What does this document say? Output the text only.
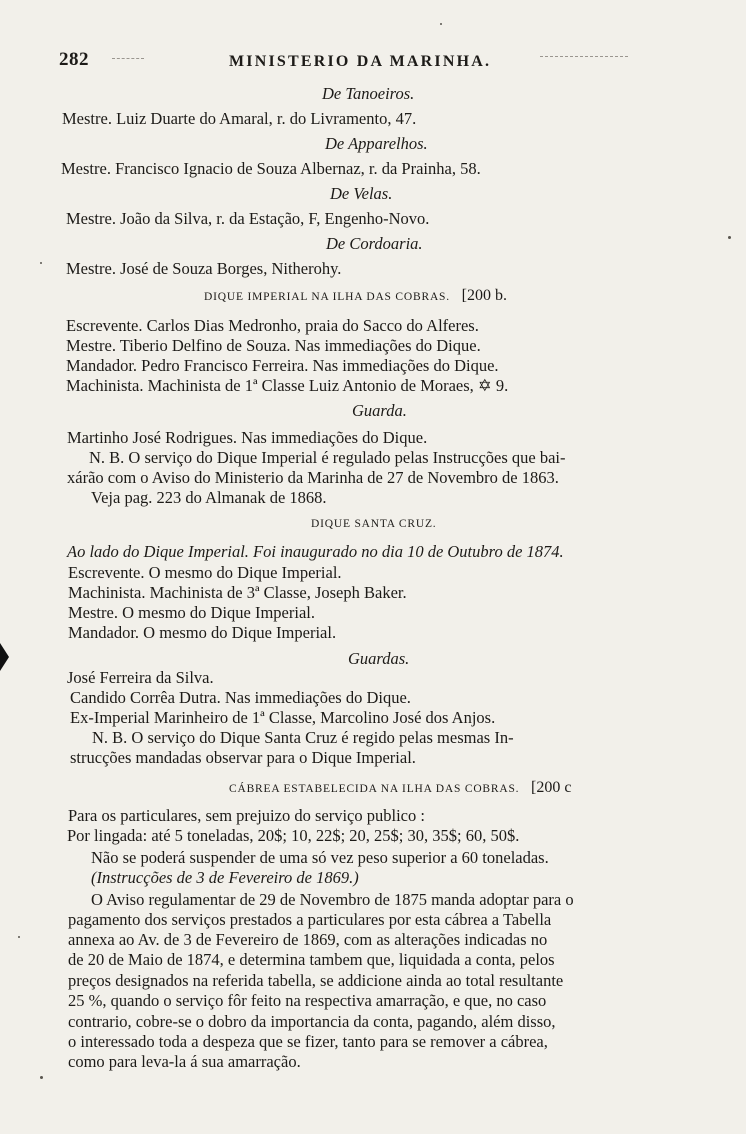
282	MINISTERIO DA MARINHA.
De Tanoeiros.
Mestre. Luiz Duarte do Amaral, r. do Livramento, 47.
De Apparelhos.
Mestre. Francisco Ignacio de Souza Albernaz, r. da Prainha, 58.
De Velas.
Mestre. João da Silva, r. da Estação, F, Engenho-Novo.
De Cordoaria.
Mestre. José de Souza Borges, Nitherohy.
DIQUE IMPERIAL NA ILHA DAS COBRAS. [200 b.
Escrevente. Carlos Dias Medronho, praia do Sacco do Alferes.
Mestre. Tiberio Delfino de Souza. Nas immediações do Dique.
Mandador. Pedro Francisco Ferreira. Nas immediações do Dique.
Machinista. Machinista de 1ª Classe Luiz Antonio de Moraes, ✡ 9.
Guarda.
Martinho José Rodrigues. Nas immediações do Dique.
N. B. O serviço do Dique Imperial é regulado pelas Instrucções que bai-
xárão com o Aviso do Ministerio da Marinha de 27 de Novembro de 1863.
Veja pag. 223 do Almanak de 1868.
DIQUE SANTA CRUZ.
Ao lado do Dique Imperial. Foi inaugurado no dia 10 de Outubro de 1874.
Escrevente. O mesmo do Dique Imperial.
Machinista. Machinista de 3ª Classe, Joseph Baker.
Mestre. O mesmo do Dique Imperial.
Mandador. O mesmo do Dique Imperial.
Guardas.
José Ferreira da Silva.
Candido Corrêa Dutra. Nas immediações do Dique.
Ex-Imperial Marinheiro de 1ª Classe, Marcolino José dos Anjos.
N. B. O serviço do Dique Santa Cruz é regido pelas mesmas In-
strucções mandadas observar para o Dique Imperial.
CÁBREA ESTABELECIDA NA ILHA DAS COBRAS. [200 c
Para os particulares, sem prejuizo do serviço publico :
Por lingada: até 5 toneladas, 20$; 10, 22$; 20, 25$; 30, 35$; 60, 50$.
Não se poderá suspender de uma só vez peso superior a 60 toneladas.
(Instrucções de 3 de Fevereiro de 1869.)
O Aviso regulamentar de 29 de Novembro de 1875 manda adoptar para o
pagamento dos serviços prestados a particulares por esta cábrea a Tabella
annexa ao Av. de 3 de Fevereiro de 1869, com as alterações indicadas no
de 20 de Maio de 1874, e determina tambem que, liquidada a conta, pelos
preços designados na referida tabella, se addicione ainda ao total resultante
25 %, quando o serviço fôr feito na respectiva amarração, e que, no caso
contrario, cobre-se o dobro da importancia da conta, pagando, além disso,
o interessado toda a despeza que se fizer, tanto para se remover a cábrea,
como para leva-la á sua amarração.
